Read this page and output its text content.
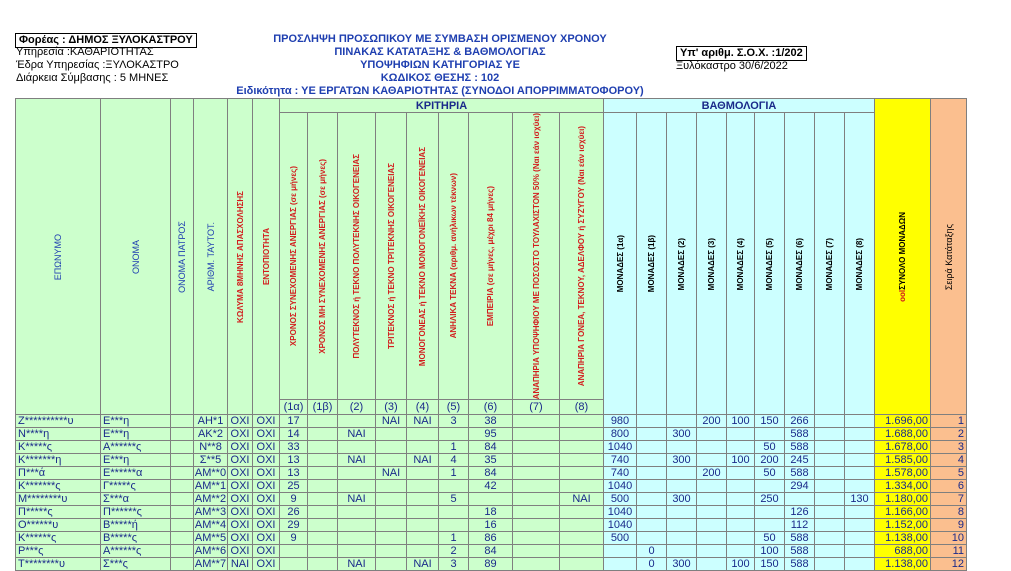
Φορέας : ΔΗΜΟΣ ΞΥΛΟΚΑΣΤΡΟΥ
Υπηρεσία :ΚΑΘΑΡΙΟΤΗΤΑΣ
Έδρα Υπηρεσίας :ΞΥΛΟΚΑΣΤΡΟ
Διάρκεια Σύμβασης : 5 ΜΗΝΕΣ
ΠΡΟΣΛΗΨΗ ΠΡΟΣΩΠΙΚΟΥ ΜΕ ΣΥΜΒΑΣΗ ΟΡΙΣΜΕΝΟΥ ΧΡΟΝΟΥ
ΠΙΝΑΚΑΣ ΚΑΤΑΤΑΞΗΣ & ΒΑΘΜΟΛΟΓΙΑΣ
ΥΠΟΨΗΦΙΩΝ ΚΑΤΗΓΟΡΙΑΣ ΥΕ
ΚΩΔΙΚΟΣ ΘΕΣΗΣ : 102
Ειδικότητα : ΥΕ ΕΡΓΑΤΩΝ ΚΑΘΑΡΙΟΤΗΤΑΣ (ΣΥΝΟΔΟΙ ΑΠΟΡΡΙΜΜΑΤΟΦΟΡΟΥ)
Υπ' αριθμ. Σ.Ο.Χ. :1/202
Ξυλόκαστρο 30/6/2022
ΕΠΩΝΥΜΟ	ΟΝΟΜΑ	ΟΝΟΜΑ ΠΑΤΡΟΣ	ΑΡΙΘΜ. ΤΑΥΤΟΤ.	ΚΩΛΥΜΑ 8ΜΗΝΗΣ ΑΠΑΣΧΟΛΗΣΗΣ	ΕΝΤΟΠΙΟΤΗΤΑ	ΚΡΙΤΗΡΙΑ									ΒΑΘΜΟΛΟΓΙΑ									oolΣΥΝΟΛΟ ΜΟΝΑΔΩΝ	Σειρά Κατάταξης

						ΧΡΟΝΟΣ ΣΥΝΕΧΟΜΕΝΗΣ ΑΝΕΡΓΙΑΣ (σε μήνες)	ΧΡΟΝΟΣ ΜΗ ΣΥΝΕΧΟΜΕΝΗΣ ΑΝΕΡΓΙΑΣ (σε μήνες)	ΠΟΛΥΤΕΚΝΟΣ ή ΤΕΚΝΟ ΠΟΛΥΤΕΚΝΗΣ ΟΙΚΟΓΕΝΕΙΑΣ	ΤΡΙΤΕΚΝΟΣ ή ΤΕΚΝΟ ΤΡΙΤΕΚΝΗΣ ΟΙΚΟΓΕΝΕΙΑΣ	ΜΟΝΟΓΟΝΕΑΣ ή ΤΕΚΝΟ ΜΟΝΟΓΟΝΕΪΚΗΣ ΟΙΚΟΓΕΝΕΙΑΣ	ΑΝΗΛΙΚΑ ΤΕΚΝΑ (αριθμ. ανήλικων τέκνων)	ΕΜΠΕΙΡΙΑ (σε μήνες, μέχρι 84 μήνες)	ΑΝΑΠΗΡΙΑ ΥΠΟΨΗΦΙΟΥ ΜΕ ΠΟΣΟΣΤΟ ΤΟΥΛΑΧΙΣΤΟΝ 50% (Ναι εάν ισχύει)	ΑΝΑΠΗΡΙΑ ΓΟΝΕΑ, ΤΕΚΝΟΥ, ΑΔΕΛΦΟΥ ή ΣΥΖΥΓΟΥ (Ναι εάν ισχύει)	ΜΟΝΑΔΕΣ (1α)	ΜΟΝΑΔΕΣ (1β)	ΜΟΝΑΔΕΣ (2)	ΜΟΝΑΔΕΣ (3)	ΜΟΝΑΔΕΣ (4)	ΜΟΝΑΔΕΣ (5)	ΜΟΝΑΔΕΣ (6)	ΜΟΝΑΔΕΣ (7)	ΜΟΝΑΔΕΣ (8)		

						(1α)	(1β)	(2)	(3)	(4)	(5)	(6)	(7)	(8)											
Ζ**********υ	Ε***η		ΑΗ*1	ΟΧΙ	ΟΧΙ	17			ΝΑΙ	ΝΑΙ	3	38			980			200	100	150	266			1.696,00	1
Ν****η	Ε***η		ΑΚ*2	ΟΧΙ	ΟΧΙ	14		ΝΑΙ				95			800		300				588			1.688,00	2
Κ*****ς	Α******ς		Ν**8	ΟΧΙ	ΟΧΙ	33					1	84			1040					50	588			1.678,00	3
Κ*******η	Ε***η		Σ**5	ΟΧΙ	ΟΧΙ	13		ΝΑΙ		ΝΑΙ	4	35			740		300		100	200	245			1.585,00	4
Π***ά	Ε******α		ΑΜ**0	ΟΧΙ	ΟΧΙ	13			ΝΑΙ		1	84			740			200		50	588			1.578,00	5
Κ*******ς	Γ*****ς		ΑΜ**1	ΟΧΙ	ΟΧΙ	25						42			1040						294			1.334,00	6
Μ********υ	Σ***α		ΑΜ**2	ΟΧΙ	ΟΧΙ	9		ΝΑΙ			5			ΝΑΙ	500		300			250			130	1.180,00	7
Π*****ς	Π******ς		ΑΜ**3	ΟΧΙ	ΟΧΙ	26						18			1040						126			1.166,00	8
Ο******υ	Β*****ή		ΑΜ**4	ΟΧΙ	ΟΧΙ	29						16			1040						112			1.152,00	9
Κ******ς	Β*****ς		ΑΜ**5	ΟΧΙ	ΟΧΙ	9					1	86			500					50	588			1.138,00	10
Ρ***ς	Α******ς		ΑΜ**6	ΟΧΙ	ΟΧΙ						2	84				0				100	588			688,00	11
Τ********υ	Σ***ς		ΑΜ**7	ΝΑΙ	ΟΧΙ			ΝΑΙ		ΝΑΙ	3	89				0	300		100	150	588			1.138,00	12
